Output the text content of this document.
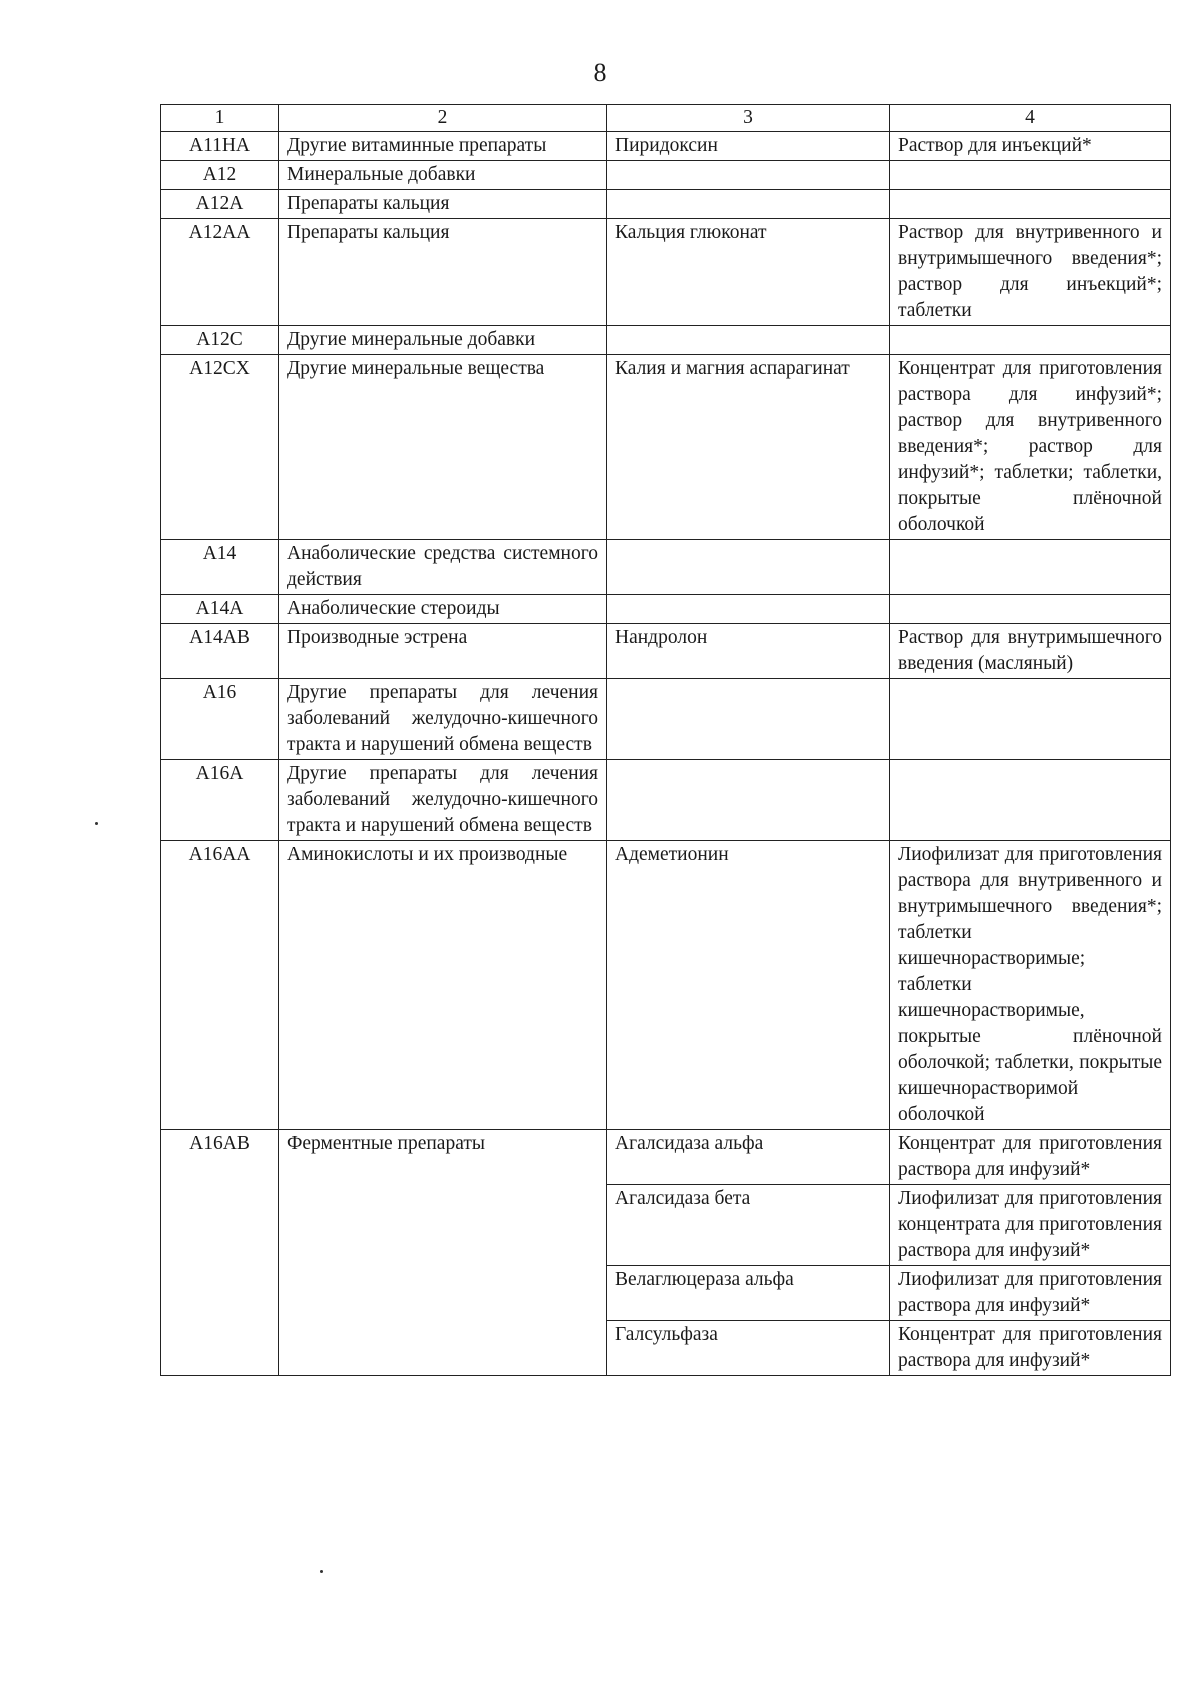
8
1	2	3	4
A11HA	Другие витаминные препараты	Пиридоксин	Раствор для инъекций*
A12	Минеральные добавки		
A12A	Препараты кальция		
A12AA	Препараты кальция	Кальция глюконат	Раствор для внутривенного и внутримышечного введения*; раствор для инъекций*; таблетки
A12C	Другие минеральные добавки		
A12CX	Другие минеральные вещества	Калия и магния аспарагинат	Концентрат для приготовления раствора для инфузий*; раствор для внутривенного введения*; раствор для инфузий*; таблетки; таблетки, покрытые плёночной оболочкой
A14	Анаболические средства системного действия		
A14A	Анаболические стероиды		
A14AB	Производные эстрена	Нандролон	Раствор для внутримышечного введения (масляный)
A16	Другие препараты для лечения заболеваний желудочно-кишечного тракта и нарушений обмена веществ		
A16A	Другие препараты для лечения заболеваний желудочно-кишечного тракта и нарушений обмена веществ		
A16AA	Аминокислоты и их производные	Адеметионин	Лиофилизат для приготовления раствора для внутривенного и внутримышечного введения*; таблетки кишечнорастворимые; таблетки кишечнорастворимые, покрытые плёночной оболочкой; таблетки, покрытые кишечнорастворимой оболочкой
A16AB	Ферментные препараты	Агалсидаза альфа	Концентрат для приготовления раствора для инфузий*
		Агалсидаза бета	Лиофилизат для приготовления концентрата для приготовления раствора для инфузий*
		Велаглюцераза альфа	Лиофилизат для приготовления раствора для инфузий*
		Галсульфаза	Концентрат для приготовления раствора для инфузий*
